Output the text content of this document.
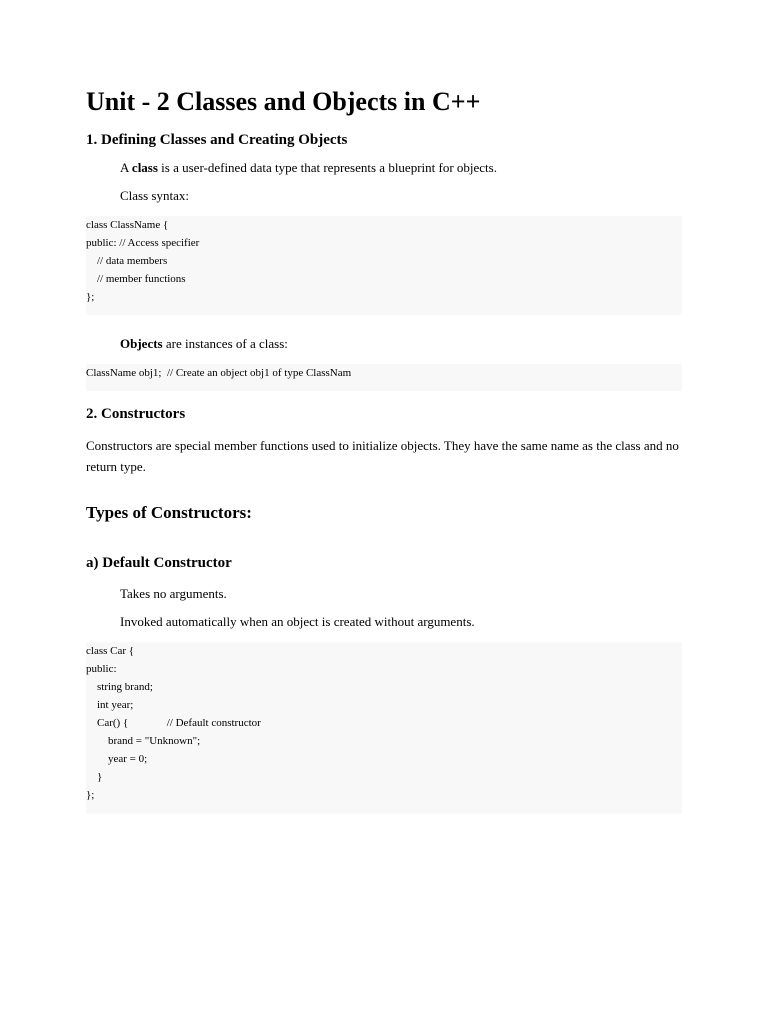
Unit - 2 Classes and Objects in C++
1. Defining Classes and Creating Objects

A class is a user-defined data type that represents a blueprint for objects.

Class syntax:

class ClassName {
public: // Access specifier
// data members
// member functions
};

Objects are instances of a class:

ClassName obj1;  // Create an object obj1 of type ClassNam
2. Constructors

Constructors are special member functions used to initialize objects. They have the same name as the class and no return type.

Types of Constructors:
a) Default Constructor

Takes no arguments.

Invoked automatically when an object is created without arguments.

class Car {
public:
string brand;
int year;
Car() {              // Default constructor
brand = "Unknown";
year = 0;
}
};
